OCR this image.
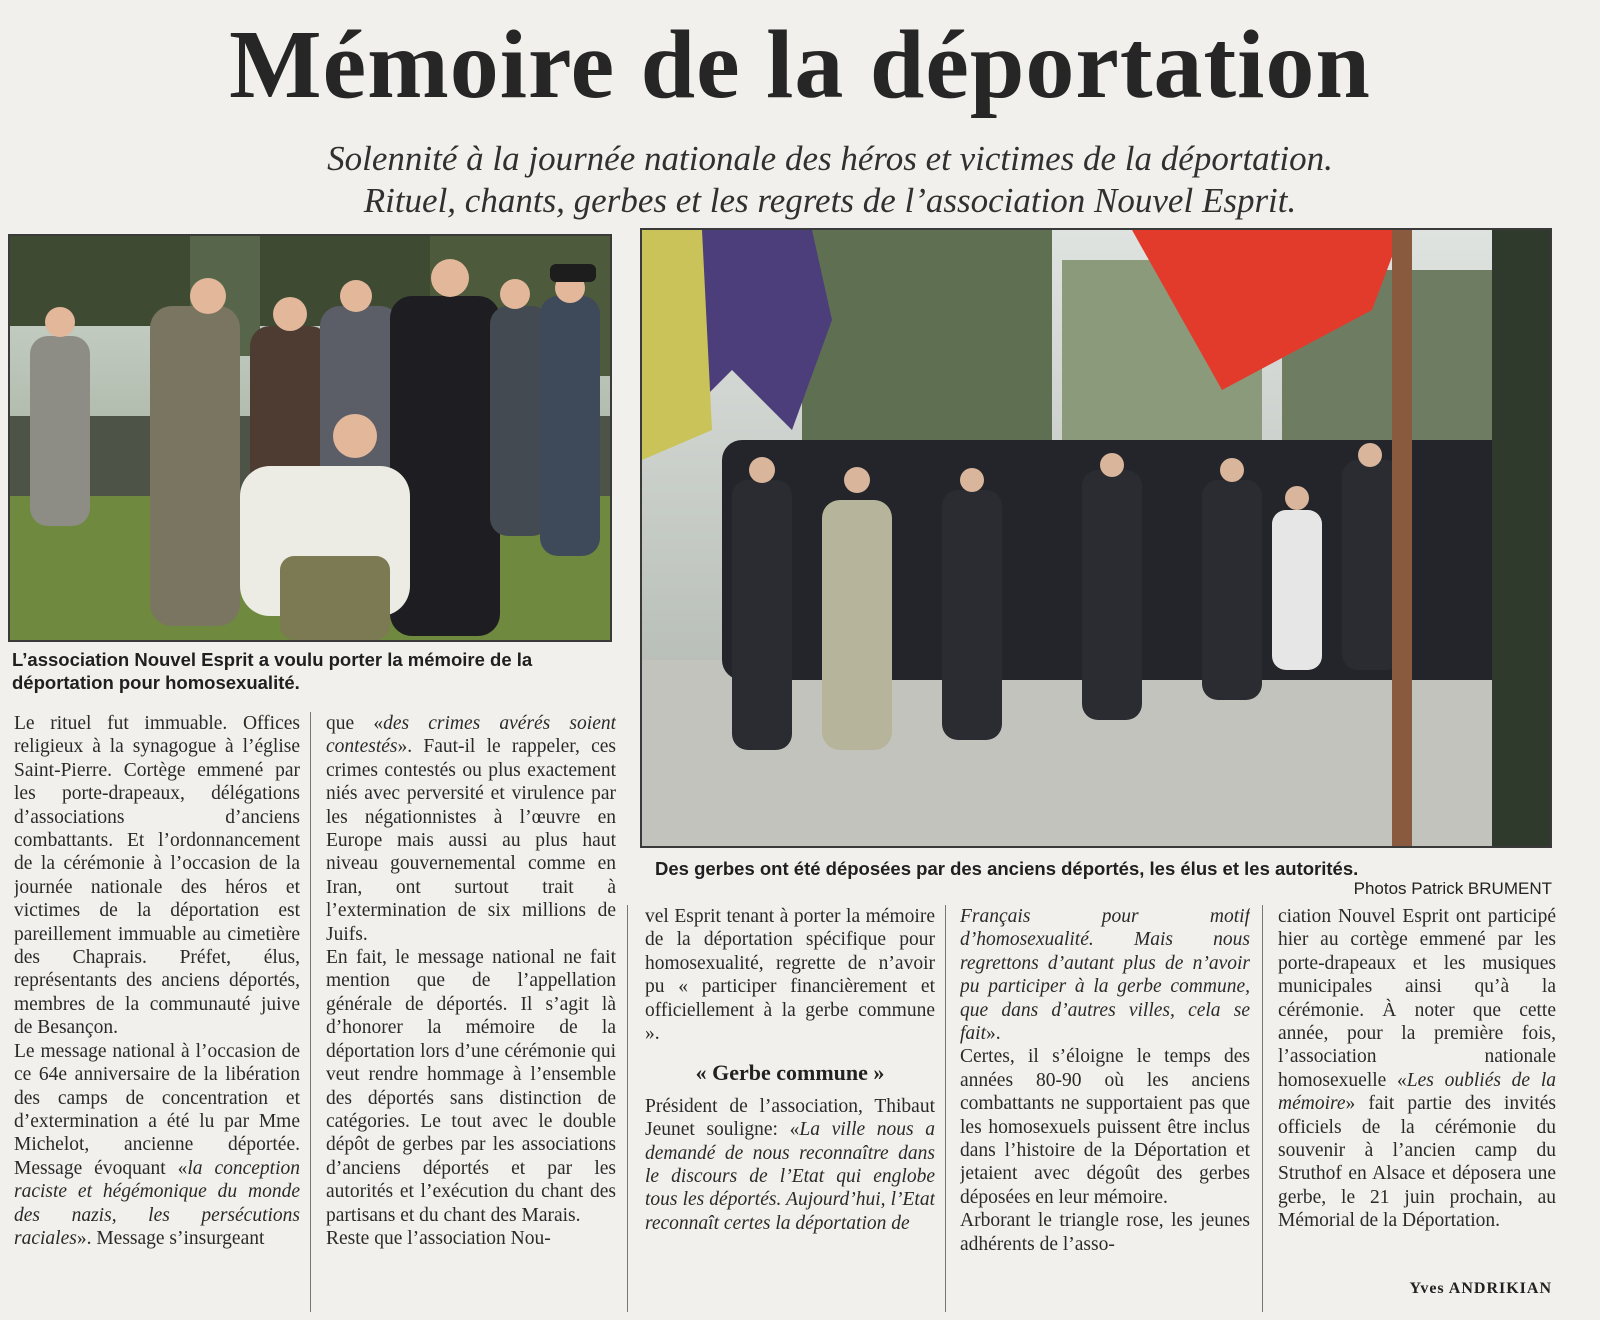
Mémoire de la déportation
Solennité à la journée nationale des héros et victimes de la déportation.
Rituel, chants, gerbes et les regrets de l’association Nouvel Esprit.
L’association Nouvel Esprit a voulu porter la mémoire de la déportation pour homosexualité.
Des gerbes ont été déposées par des anciens déportés, les élus et les autorités.
Photos Patrick BRUMENT

Le rituel fut immuable. Offices religieux à la synagogue à l’église Saint-Pierre. Cortège emmené par les porte-drapeaux, délégations d’associations d’anciens combattants. Et l’ordonnancement de la cérémonie à l’occasion de la journée nationale des héros et victimes de la déportation est pareillement immuable au cimetière des Chaprais. Préfet, élus, représentants des anciens déportés, membres de la communauté juive de Besançon.

Le message national à l’occasion de ce 64e anniversaire de la libération des camps de concentration et d’extermination a été lu par Mme Michelot, ancienne déportée. Message évoquant «la conception raciste et hégémonique du monde des nazis, les persécutions raciales». Message s’insurgeant

que «des crimes avérés soient contestés». Faut-il le rappeler, ces crimes contestés ou plus exactement niés avec perversité et virulence par les négationnistes à l’œuvre en Europe mais aussi au plus haut niveau gouvernemental comme en Iran, ont surtout trait à l’extermination de six millions de Juifs.

En fait, le message national ne fait mention que de l’appellation générale de déportés. Il s’agit là d’honorer la mémoire de la déportation lors d’une cérémonie qui veut rendre hommage à l’ensemble des déportés sans distinction de catégories. Le tout avec le double dépôt de gerbes par les associations d’anciens déportés et par les autorités et l’exécution du chant des partisans et du chant des Marais.

Reste que l’association Nou-

vel Esprit tenant à porter la mémoire de la déportation spécifique pour homosexualité, regrette de n’avoir pu « participer financièrement et officiellement à la gerbe commune ».

« Gerbe commune »

Président de l’association, Thibaut Jeunet souligne: «La ville nous a demandé de nous reconnaître dans le discours de l’Etat qui englobe tous les déportés. Aujourd’hui, l’Etat reconnaît certes la déportation de

Français pour motif d’homosexualité. Mais nous regrettons d’autant plus de n’avoir pu participer à la gerbe commune, que dans d’autres villes, cela se fait».

Certes, il s’éloigne le temps des années 80-90 où les anciens combattants ne supportaient pas que les homosexuels puissent être inclus dans l’histoire de la Déportation et jetaient avec dégoût des gerbes déposées en leur mémoire.

Arborant le triangle rose, les jeunes adhérents de l’asso-

ciation Nouvel Esprit ont participé hier au cortège emmené par les porte-drapeaux et les musiques municipales ainsi qu’à la cérémonie. À noter que cette année, pour la première fois, l’association nationale homosexuelle «Les oubliés de la mémoire» fait partie des invités officiels de la cérémonie du souvenir à l’ancien camp du Struthof en Alsace et déposera une gerbe, le 21 juin prochain, au Mémorial de la Déportation.

Yves ANDRIKIAN
